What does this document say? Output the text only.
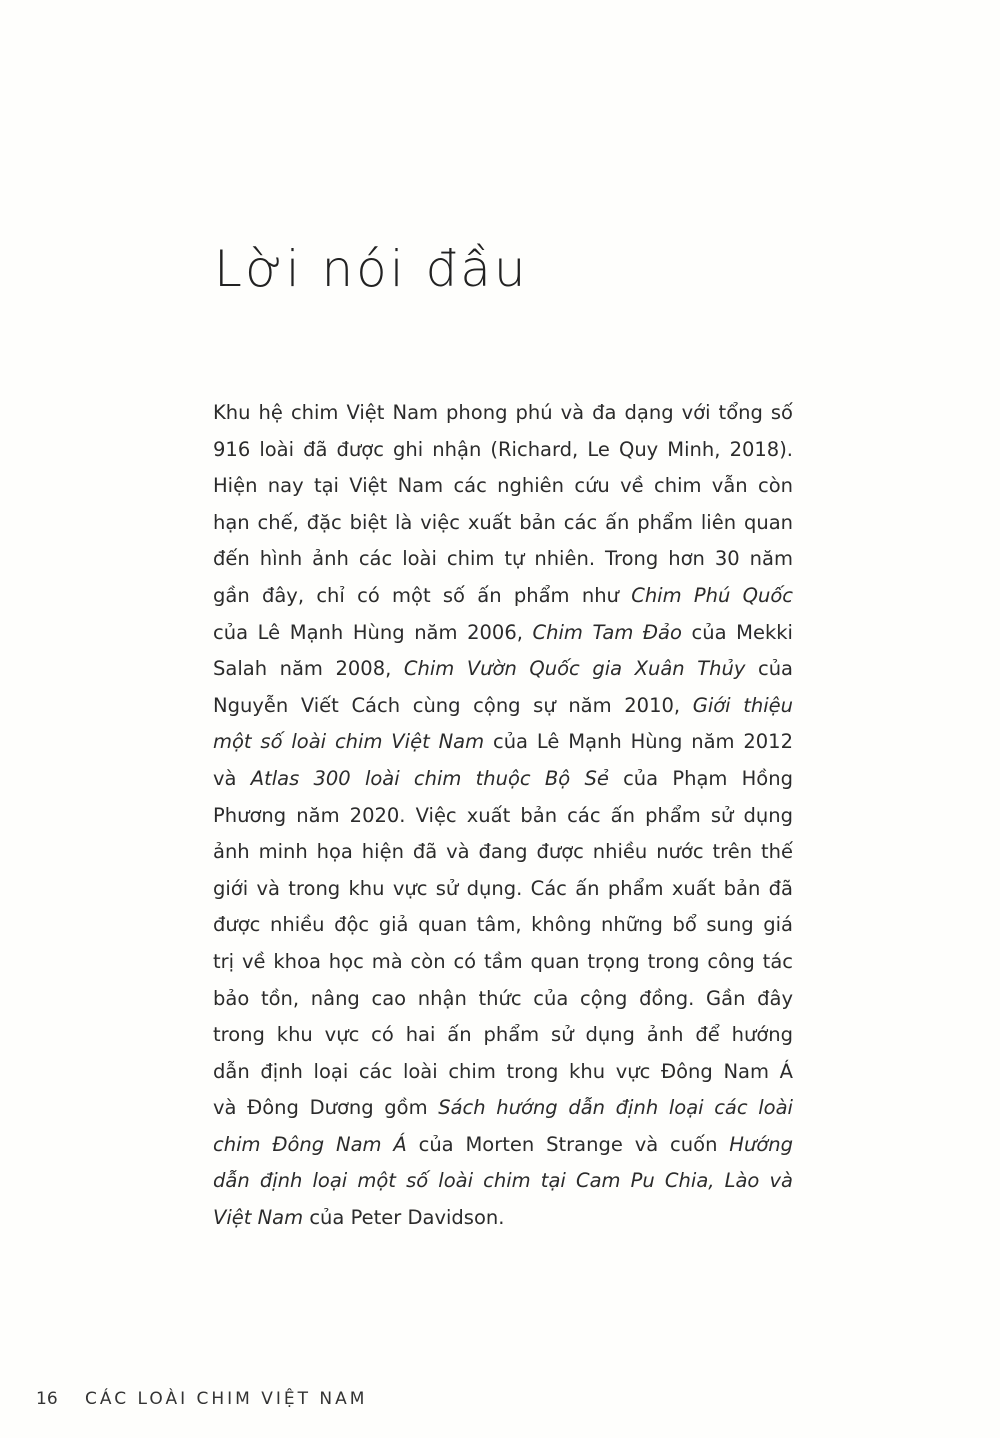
Lời nói đầu
Khu hệ chim Việt Nam phong phú và đa dạng với tổng số
916 loài đã được ghi nhận (Richard, Le Quy Minh, 2018).
Hiện nay tại Việt Nam các nghiên cứu về chim vẫn còn
hạn chế, đặc biệt là việc xuất bản các ấn phẩm liên quan
đến hình ảnh các loài chim tự nhiên. Trong hơn 30 năm
gần đây, chỉ có một số ấn phẩm như Chim Phú Quốc
của Lê Mạnh Hùng năm 2006, Chim Tam Đảo của Mekki
Salah năm 2008, Chim Vườn Quốc gia Xuân Thủy của
Nguyễn Viết Cách cùng cộng sự năm 2010, Giới thiệu
một số loài chim Việt Nam của Lê Mạnh Hùng năm 2012
và Atlas 300 loài chim thuộc Bộ Sẻ của Phạm Hồng
Phương năm 2020. Việc xuất bản các ấn phẩm sử dụng
ảnh minh họa hiện đã và đang được nhiều nước trên thế
giới và trong khu vực sử dụng. Các ấn phẩm xuất bản đã
được nhiều độc giả quan tâm, không những bổ sung giá
trị về khoa học mà còn có tầm quan trọng trong công tác
bảo tồn, nâng cao nhận thức của cộng đồng. Gần đây
trong khu vực có hai ấn phẩm sử dụng ảnh để hướng
dẫn định loại các loài chim trong khu vực Đông Nam Á
và Đông Dương gồm Sách hướng dẫn định loại các loài
chim Đông Nam Á của Morten Strange và cuốn Hướng
dẫn định loại một số loài chim tại Cam Pu Chia, Lào và
Việt Nam của Peter Davidson.
16 CÁC LOÀI CHIM VIỆT NAM
